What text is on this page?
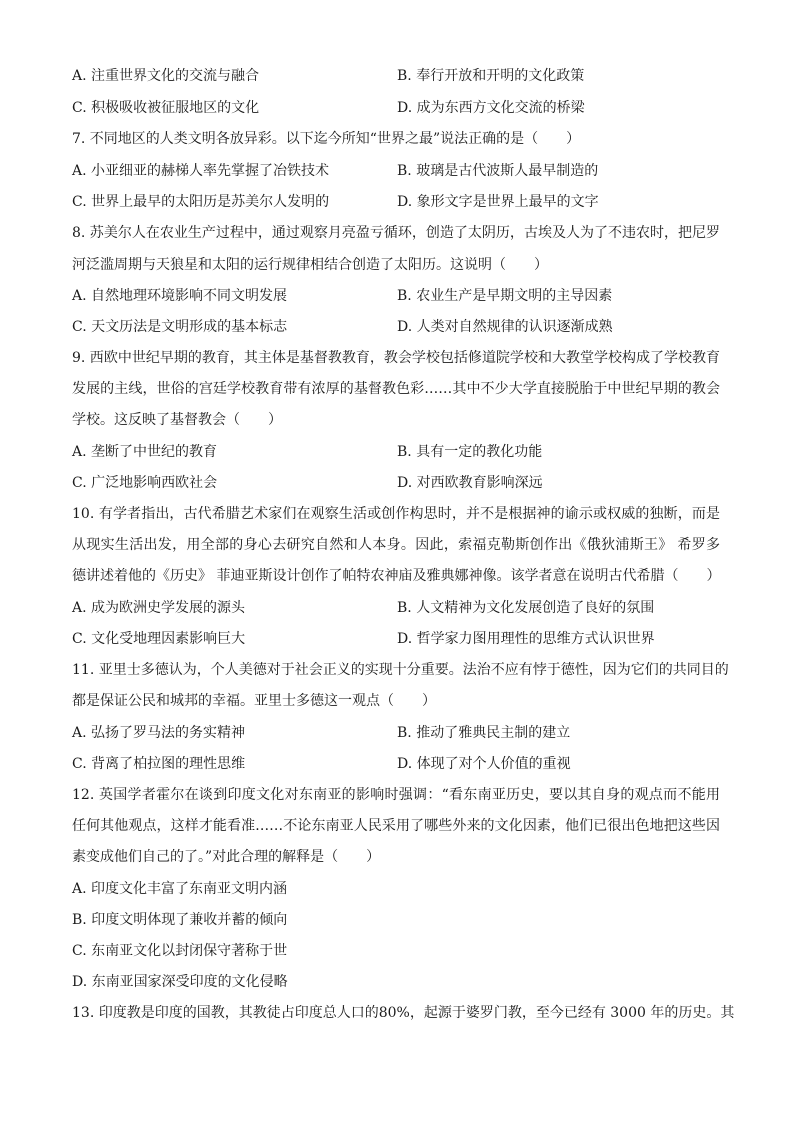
A. 注重世界文化的交流与融合	B. 奉行开放和开明的文化政策
C. 积极吸收被征服地区的文化	D. 成为东西方文化交流的桥梁
7. 不同地区的人类文明各放异彩。以下迄今所知“世界之最”说法正确的是（　　）
A. 小亚细亚的赫梯人率先掌握了冶铁技术	B. 玻璃是古代波斯人最早制造的
C. 世界上最早的太阳历是苏美尔人发明的	D. 象形文字是世界上最早的文字
8. 苏美尔人在农业生产过程中，通过观察月亮盈亏循环，创造了太阴历，古埃及人为了不违农时，把尼罗
河泛滥周期与天狼星和太阳的运行规律相结合创造了太阳历。这说明（　　）
A. 自然地理环境影响不同文明发展	B. 农业生产是早期文明的主导因素
C. 天文历法是文明形成的基本标志	D. 人类对自然规律的认识逐渐成熟
9. 西欧中世纪早期的教育，其主体是基督教教育，教会学校包括修道院学校和大教堂学校构成了学校教育
发展的主线，世俗的宫廷学校教育带有浓厚的基督教色彩……其中不少大学直接脱胎于中世纪早期的教会
学校。这反映了基督教会（　　）
A. 垄断了中世纪的教育	B. 具有一定的教化功能
C. 广泛地影响西欧社会	D. 对西欧教育影响深远
10. 有学者指出，古代希腊艺术家们在观察生活或创作构思时，并不是根据神的谕示或权威的独断，而是
从现实生活出发，用全部的身心去研究自然和人本身。因此，索福克勒斯创作出《俄狄浦斯王》 希罗多
德讲述着他的《历史》 菲迪亚斯设计创作了帕特农神庙及雅典娜神像。该学者意在说明古代希腊（　　）
A. 成为欧洲史学发展的源头	B. 人文精神为文化发展创造了良好的氛围
C. 文化受地理因素影响巨大	D. 哲学家力图用理性的思维方式认识世界
11. 亚里士多德认为，个人美德对于社会正义的实现十分重要。法治不应有悖于德性，因为它们的共同目的
都是保证公民和城邦的幸福。亚里士多德这一观点（　　）
A. 弘扬了罗马法的务实精神	B. 推动了雅典民主制的建立
C. 背离了柏拉图的理性思维	D. 体现了对个人价值的重视
12. 英国学者霍尔在谈到印度文化对东南亚的影响时强调：“看东南亚历史，要以其自身的观点而不能用
任何其他观点，这样才能看准……不论东南亚人民采用了哪些外来的文化因素，他们已很出色地把这些因
素变成他们自己的了。”对此合理的解释是（　　）
A. 印度文化丰富了东南亚文明内涵
B. 印度文明体现了兼收并蓄的倾向
C. 东南亚文化以封闭保守著称于世
D. 东南亚国家深受印度的文化侵略
13. 印度教是印度的国教，其教徒占印度总人口的80%，起源于婆罗门教，至今已经有 3000 年的历史。其
